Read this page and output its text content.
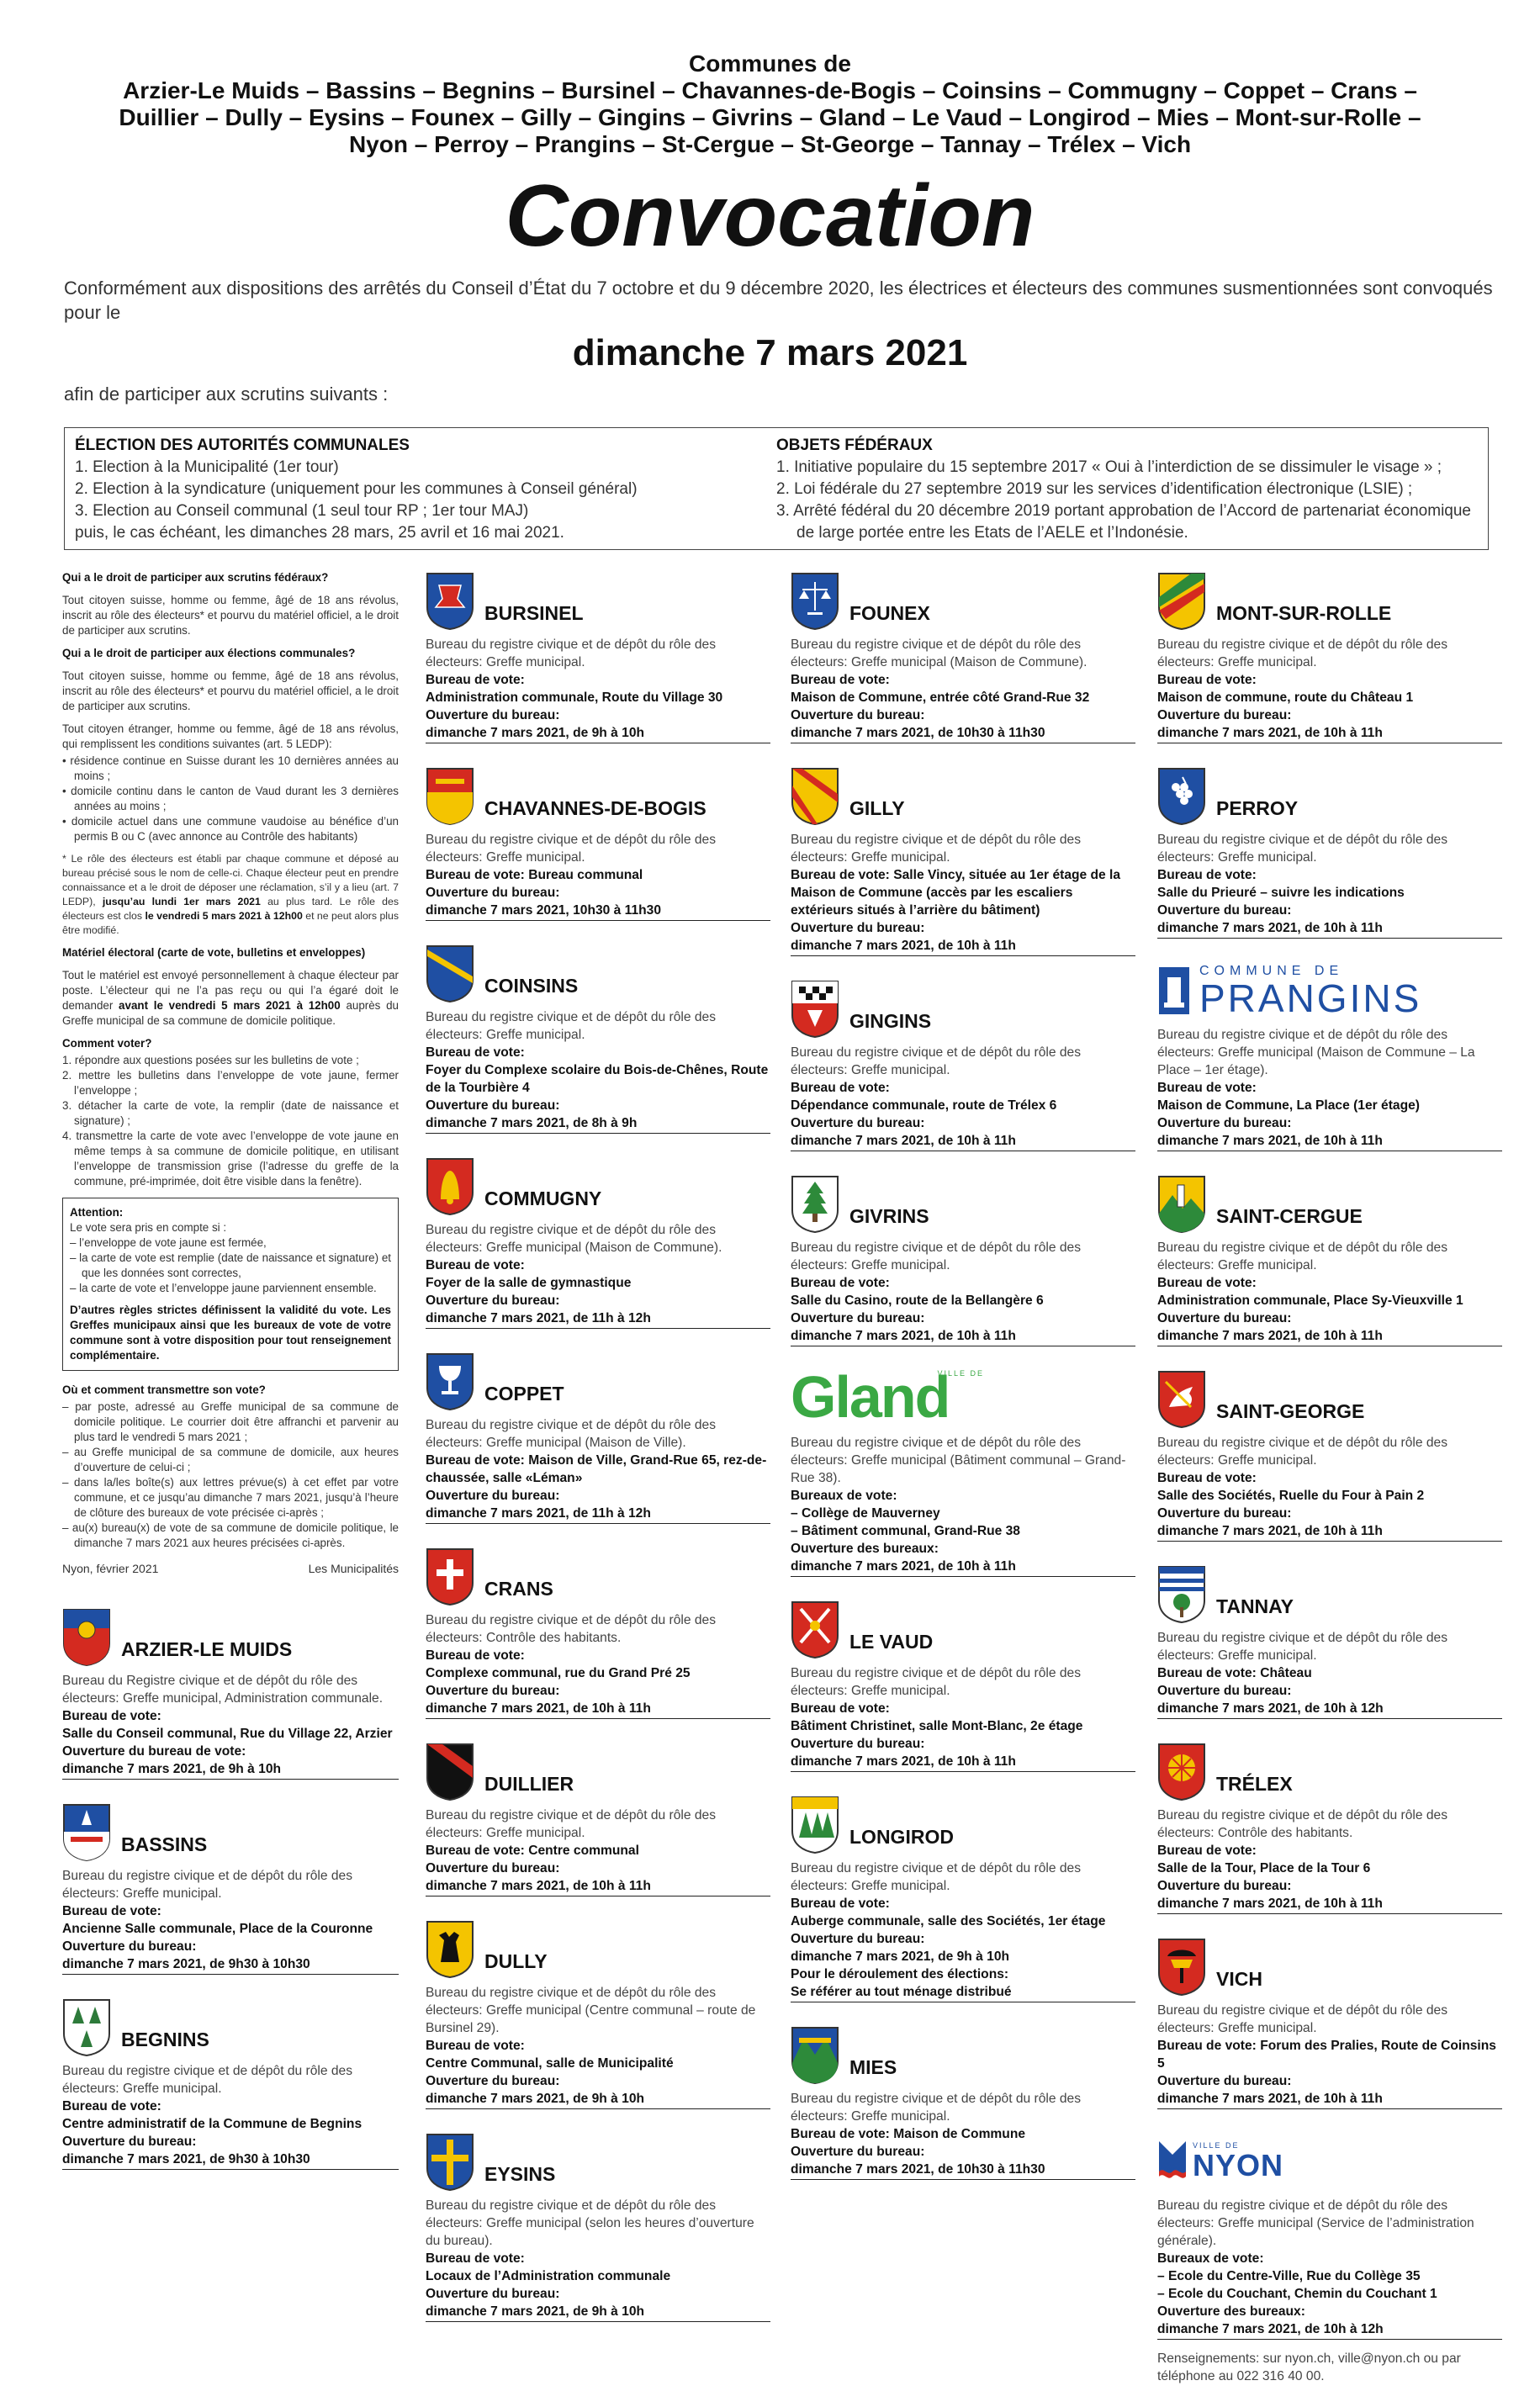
Communes de
Arzier-Le Muids – Bassins – Begnins – Bursinel – Chavannes-de-Bogis – Coinsins – Commugny – Coppet – Crans –
Duillier – Dully – Eysins – Founex – Gilly – Gingins – Givrins – Gland – Le Vaud – Longirod – Mies – Mont-sur-Rolle –
Nyon – Perroy – Prangins – St-Cergue – St-George – Tannay – Trélex – Vich
Convocation
Conformément aux dispositions des arrêtés du Conseil d’État du 7 octobre et du 9 décembre 2020, les électrices et électeurs des communes susmentionnées sont convoqués pour le
dimanche 7 mars 2021
afin de participer aux scrutins suivants :
ÉLECTION DES AUTORITÉS COMMUNALES
1. Election à la Municipalité (1er tour)
2. Election à la syndicature (uniquement pour les communes à Conseil général)
3. Election au Conseil communal (1 seul tour RP ; 1er tour MAJ)
puis, le cas échéant, les dimanches 28 mars, 25 avril et 16 mai 2021.
OBJETS FÉDÉRAUX
1. Initiative populaire du 15 septembre 2017 « Oui à l’interdiction de se dissimuler le visage » ;
2. Loi fédérale du 27 septembre 2019 sur les services d’identification électronique (LSIE) ;
3. Arrêté fédéral du 20 décembre 2019 portant approbation de l’Accord de partenariat économique de large portée entre les Etats de l’AELE et l’Indonésie.

Qui a le droit de participer aux scrutins fédéraux?

Tout citoyen suisse, homme ou femme, âgé de 18 ans révolus, inscrit au rôle des électeurs* et pourvu du matériel officiel, a le droit de participer aux scrutins.

Qui a le droit de participer aux élections communales?

Tout citoyen suisse, homme ou femme, âgé de 18 ans révolus, inscrit au rôle des électeurs* et pourvu du matériel officiel, a le droit de participer aux scrutins.

Tout citoyen étranger, homme ou femme, âgé de 18 ans révolus, qui remplissent les conditions suivantes (art. 5 LEDP):

• résidence continue en Suisse durant les 10 dernières années au moins ;
• domicile continu dans le canton de Vaud durant les 3 dernières années au moins ;
• domicile actuel dans une commune vaudoise au bénéfice d’un permis B ou C (avec annonce au Contrôle des habitants)

* Le rôle des électeurs est établi par chaque commune et déposé au bureau précisé sous le nom de celle-ci. Chaque électeur peut en prendre connaissance et a le droit de déposer une réclamation, s’il y a lieu (art. 7 LEDP), jusqu’au lundi 1er mars 2021 au plus tard. Le rôle des électeurs est clos le vendredi 5 mars 2021 à 12h00 et ne peut alors plus être modifié.

Matériel électoral (carte de vote, bulletins et enveloppes)

Tout le matériel est envoyé personnellement à chaque électeur par poste. L’électeur qui ne l’a pas reçu ou qui l’a égaré doit le demander avant le vendredi 5 mars 2021 à 12h00 auprès du Greffe municipal de sa commune de domicile politique.

Comment voter?

1. répondre aux questions posées sur les bulletins de vote ;
2. mettre les bulletins dans l’enveloppe de vote jaune, fermer l’enveloppe ;
3. détacher la carte de vote, la remplir (date de naissance et signature) ;
4. transmettre la carte de vote avec l’enveloppe de vote jaune en même temps à sa commune de domicile politique, en utilisant l’enveloppe de transmission grise (l’adresse du greffe de la commune, pré-imprimée, doit être visible dans la fenêtre).
Attention:
Le vote sera pris en compte si :
– l’enveloppe de vote jaune est fermée,
– la carte de vote est remplie (date de naissance et signature) et que les données sont correctes,
– la carte de vote et l’enveloppe jaune parviennent ensemble.
D’autres règles strictes définissent la validité du vote. Les Greffes municipaux ainsi que les bureaux de vote de votre commune sont à votre disposition pour tout renseignement complémentaire.

Où et comment transmettre son vote?

– par poste, adressé au Greffe municipal de sa commune de domicile politique. Le courrier doit être affranchi et parvenir au plus tard le vendredi 5 mars 2021 ;
– au Greffe municipal de sa commune de domicile, aux heures d’ouverture de celui-ci ;
– dans la/les boîte(s) aux lettres prévue(s) à cet effet par votre commune, et ce jusqu’au dimanche 7 mars 2021, jusqu’à l’heure de clôture des bureaux de vote précisée ci-après ;
– au(x) bureau(x) de vote de sa commune de domicile politique, le dimanche 7 mars 2021 aux heures précisées ci-après.
Nyon, février 2021	Les Municipalités
ARZIER-LE MUIDS
Bureau du Registre civique et de dépôt du rôle des électeurs: Greffe municipal, Administration communale.
Bureau de vote:
Salle du Conseil communal, Rue du Village 22, Arzier
Ouverture du bureau de vote:
dimanche 7 mars 2021, de 9h à 10h
BASSINS
Bureau du registre civique et de dépôt du rôle des électeurs: Greffe municipal.
Bureau de vote:
Ancienne Salle communale, Place de la Couronne
Ouverture du bureau:
dimanche 7 mars 2021, de 9h30 à 10h30
BEGNINS
Bureau du registre civique et de dépôt du rôle des électeurs: Greffe municipal.
Bureau de vote:
Centre administratif de la Commune de Begnins
Ouverture du bureau:
dimanche 7 mars 2021, de 9h30 à 10h30
BURSINEL
Bureau du registre civique et de dépôt du rôle des électeurs: Greffe municipal.
Bureau de vote:
Administration communale, Route du Village 30
Ouverture du bureau:
dimanche 7 mars 2021, de 9h à 10h
CHAVANNES-DE-BOGIS
Bureau du registre civique et de dépôt du rôle des électeurs: Greffe municipal.
Bureau de vote: Bureau communal
Ouverture du bureau:
dimanche 7 mars 2021, 10h30 à 11h30
COINSINS
Bureau du registre civique et de dépôt du rôle des électeurs: Greffe municipal.
Bureau de vote:
Foyer du Complexe scolaire du Bois-de-Chênes, Route de la Tourbière 4
Ouverture du bureau:
dimanche 7 mars 2021, de 8h à 9h
COMMUGNY
Bureau du registre civique et de dépôt du rôle des électeurs: Greffe municipal (Maison de Commune).
Bureau de vote:
Foyer de la salle de gymnastique
Ouverture du bureau:
dimanche 7 mars 2021, de 11h à 12h
COPPET
Bureau du registre civique et de dépôt du rôle des électeurs: Greffe municipal (Maison de Ville).
Bureau de vote: Maison de Ville, Grand-Rue 65, rez-de-chaussée, salle «Léman»
Ouverture du bureau:
dimanche 7 mars 2021, de 11h à 12h
CRANS
Bureau du registre civique et de dépôt du rôle des électeurs: Contrôle des habitants.
Bureau de vote:
Complexe communal, rue du Grand Pré 25
Ouverture du bureau:
dimanche 7 mars 2021, de 10h à 11h
DUILLIER
Bureau du registre civique et de dépôt du rôle des électeurs: Greffe municipal.
Bureau de vote: Centre communal
Ouverture du bureau:
dimanche 7 mars 2021, de 10h à 11h
DULLY
Bureau du registre civique et de dépôt du rôle des électeurs: Greffe municipal (Centre communal – route de Bursinel 29).
Bureau de vote:
Centre Communal, salle de Municipalité
Ouverture du bureau:
dimanche 7 mars 2021, de 9h à 10h
EYSINS
Bureau du registre civique et de dépôt du rôle des électeurs: Greffe municipal (selon les heures d’ouverture du bureau).
Bureau de vote:
Locaux de l’Administration communale
Ouverture du bureau:
dimanche 7 mars 2021, de 9h à 10h
FOUNEX
Bureau du registre civique et de dépôt du rôle des électeurs: Greffe municipal (Maison de Commune).
Bureau de vote:
Maison de Commune, entrée côté Grand-Rue 32
Ouverture du bureau:
dimanche 7 mars 2021, de 10h30 à 11h30
GILLY
Bureau du registre civique et de dépôt du rôle des électeurs: Greffe municipal.
Bureau de vote: Salle Vincy, située au 1er étage de la Maison de Commune (accès par les escaliers extérieurs situés à l’arrière du bâtiment)
Ouverture du bureau:
dimanche 7 mars 2021, de 10h à 11h
GINGINS
Bureau du registre civique et de dépôt du rôle des électeurs: Greffe municipal.
Bureau de vote:
Dépendance communale, route de Trélex 6
Ouverture du bureau:
dimanche 7 mars 2021, de 10h à 11h
GIVRINS
Bureau du registre civique et de dépôt du rôle des électeurs: Greffe municipal.
Bureau de vote:
Salle du Casino, route de la Bellangère 6
Ouverture du bureau:
dimanche 7 mars 2021, de 10h à 11h
VILLE DE
Gland
Bureau du registre civique et de dépôt du rôle des électeurs: Greffe municipal (Bâtiment communal – Grand-Rue 38).
Bureaux de vote:
– Collège de Mauverney
– Bâtiment communal, Grand-Rue 38
Ouverture des bureaux:
dimanche 7 mars 2021, de 10h à 11h
LE VAUD
Bureau du registre civique et de dépôt du rôle des électeurs: Greffe municipal.
Bureau de vote:
Bâtiment Christinet, salle Mont-Blanc, 2e étage
Ouverture du bureau:
dimanche 7 mars 2021, de 10h à 11h
LONGIROD
Bureau du registre civique et de dépôt du rôle des électeurs: Greffe municipal.
Bureau de vote:
Auberge communale, salle des Sociétés, 1er étage
Ouverture du bureau:
dimanche 7 mars 2021, de 9h à 10h
Pour le déroulement des élections:
Se référer au tout ménage distribué
MIES
Bureau du registre civique et de dépôt du rôle des électeurs: Greffe municipal.
Bureau de vote: Maison de Commune
Ouverture du bureau:
dimanche 7 mars 2021, de 10h30 à 11h30
MONT-SUR-ROLLE
Bureau du registre civique et de dépôt du rôle des électeurs: Greffe municipal.
Bureau de vote:
Maison de commune, route du Château 1
Ouverture du bureau:
dimanche 7 mars 2021, de 10h à 11h
PERROY
Bureau du registre civique et de dépôt du rôle des électeurs: Greffe municipal.
Bureau de vote:
Salle du Prieuré – suivre les indications
Ouverture du bureau:
dimanche 7 mars 2021, de 10h à 11h
COMMUNE DE
PRANGINS
Bureau du registre civique et de dépôt du rôle des électeurs: Greffe municipal (Maison de Commune – La Place – 1er étage).
Bureau de vote:
Maison de Commune, La Place (1er étage)
Ouverture du bureau:
dimanche 7 mars 2021, de 10h à 11h
SAINT-CERGUE
Bureau du registre civique et de dépôt du rôle des électeurs: Greffe municipal.
Bureau de vote:
Administration communale, Place Sy-Vieuxville 1
Ouverture du bureau:
dimanche 7 mars 2021, de 10h à 11h
SAINT-GEORGE
Bureau du registre civique et de dépôt du rôle des électeurs: Greffe municipal.
Bureau de vote:
Salle des Sociétés, Ruelle du Four à Pain 2
Ouverture du bureau:
dimanche 7 mars 2021, de 10h à 11h
TANNAY
Bureau du registre civique et de dépôt du rôle des électeurs: Greffe municipal.
Bureau de vote: Château
Ouverture du bureau:
dimanche 7 mars 2021, de 10h à 12h
TRÉLEX
Bureau du registre civique et de dépôt du rôle des électeurs: Contrôle des habitants.
Bureau de vote:
Salle de la Tour, Place de la Tour 6
Ouverture du bureau:
dimanche 7 mars 2021, de 10h à 11h
VICH
Bureau du registre civique et de dépôt du rôle des électeurs: Greffe municipal.
Bureau de vote: Forum des Pralies, Route de Coinsins 5
Ouverture du bureau:
dimanche 7 mars 2021, de 10h à 11h
VILLE DE
NYON
Bureau du registre civique et de dépôt du rôle des électeurs: Greffe municipal (Service de l’administration générale).
Bureaux de vote:
– Ecole du Centre-Ville, Rue du Collège 35
– Ecole du Couchant, Chemin du Couchant 1
Ouverture des bureaux:
dimanche 7 mars 2021, de 10h à 12h
Renseignements: sur nyon.ch, ville@nyon.ch ou par téléphone au 022 316 40 00.
